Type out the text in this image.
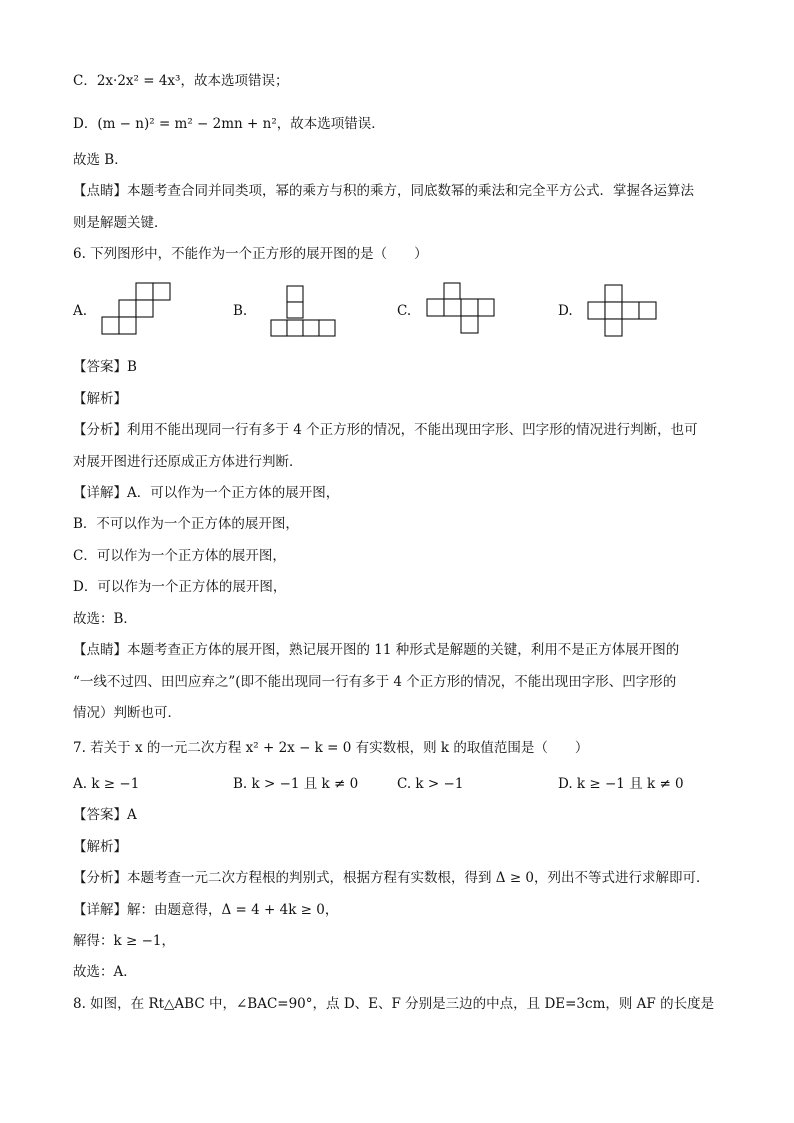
C．2x·2x² = 4x³，故本选项错误；
D．(m − n)² = m² − 2mn + n²，故本选项错误．
故选 B．
【点睛】本题考查合同并同类项，幂的乘方与积的乘方，同底数幂的乘法和完全平方公式．掌握各运算法
则是解题关键．
6. 下列图形中，不能作为一个正方形的展开图的是（　　）
A.	B.	C.	D.
【答案】B
【解析】
【分析】利用不能出现同一行有多于 4 个正方形的情况，不能出现田字形、凹字形的情况进行判断，也可
对展开图进行还原成正方体进行判断．
【详解】A．可以作为一个正方体的展开图，
B．不可以作为一个正方体的展开图，
C．可以作为一个正方体的展开图，
D．可以作为一个正方体的展开图，
故选：B．
【点睛】本题考查正方体的展开图，熟记展开图的 11 种形式是解题的关键，利用不是正方体展开图的
“一线不过四、田凹应弃之”(即不能出现同一行有多于 4 个正方形的情况，不能出现田字形、凹字形的
情况）判断也可．
7. 若关于 x 的一元二次方程 x² + 2x − k = 0 有实数根，则 k 的取值范围是（　　）
A. k ≥ −1	B. k > −1 且 k ≠ 0	C. k > −1	D. k ≥ −1 且 k ≠ 0
【答案】A
【解析】
【分析】本题考查一元二次方程根的判别式，根据方程有实数根，得到 Δ ≥ 0，列出不等式进行求解即可．
【详解】解：由题意得，Δ = 4 + 4k ≥ 0，
解得：k ≥ −1，
故选：A．
8. 如图，在 Rt△ABC 中，∠BAC=90°，点 D、E、F 分别是三边的中点，且 DE=3cm，则 AF 的长度是
